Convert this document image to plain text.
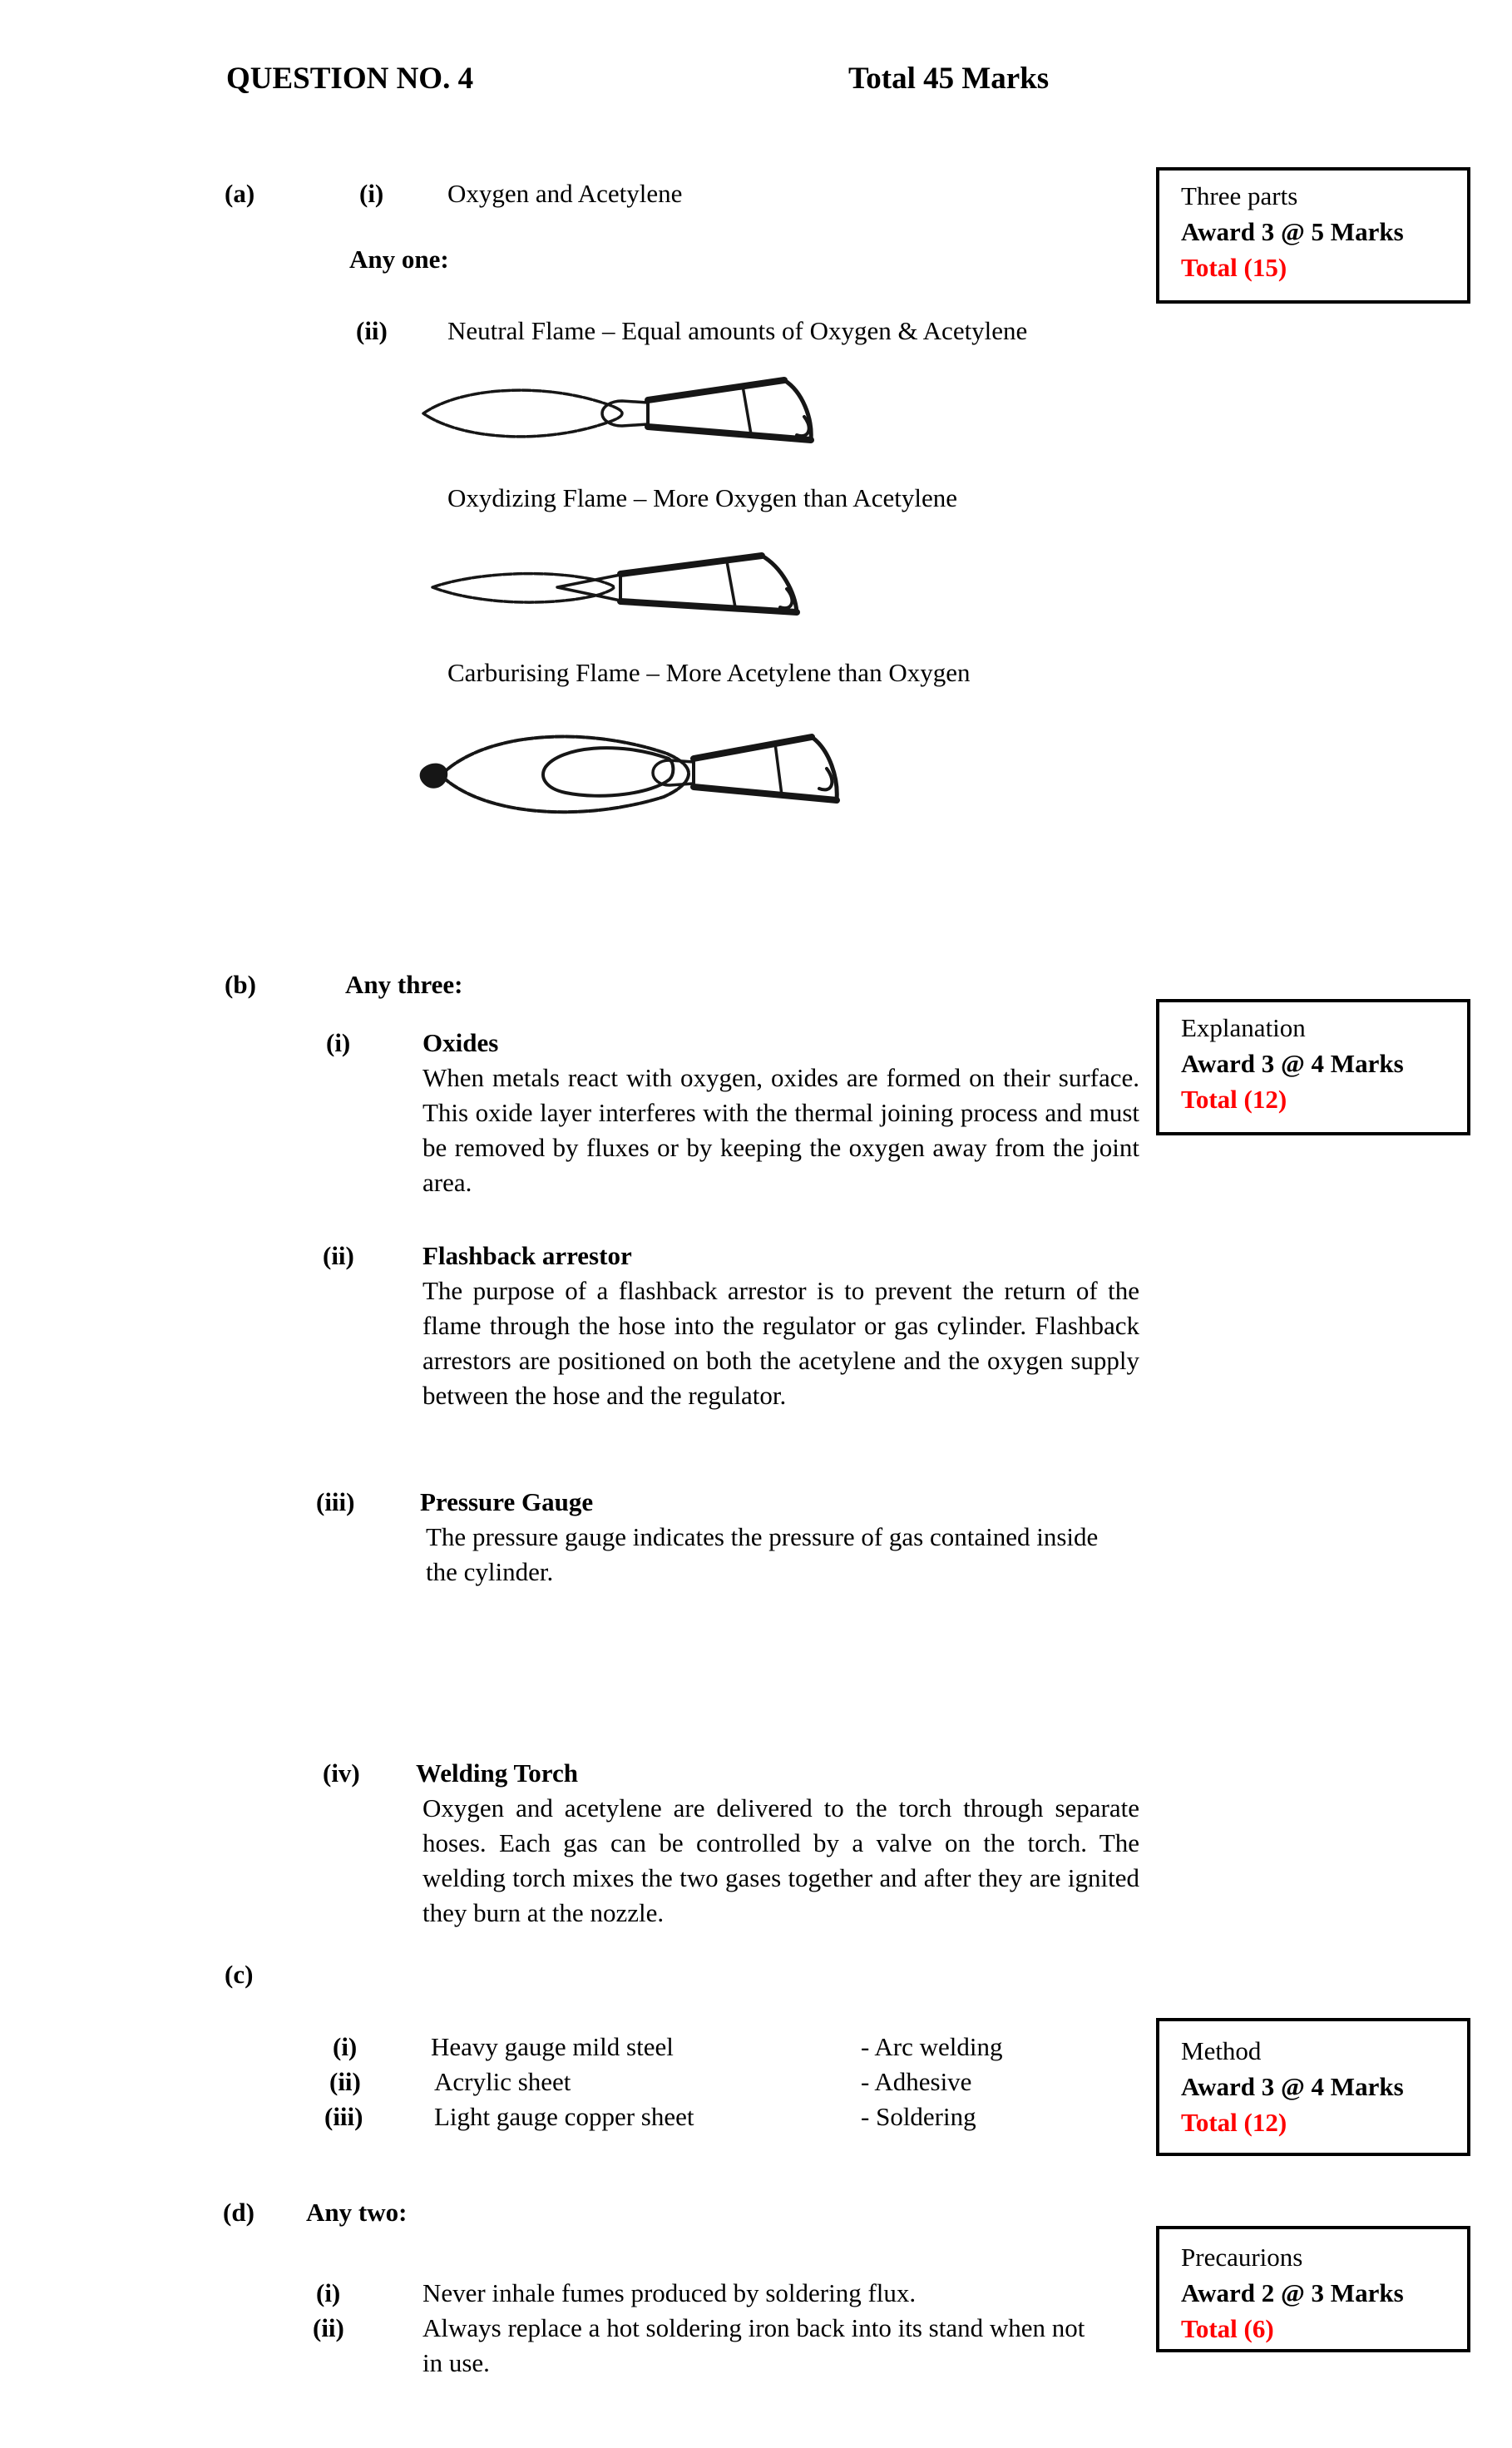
QUESTION NO. 4	Total 45 Marks
(a)	(i) Oxygen and Acetylene	Three parts
Award 3 @ 5 Marks
Total (15)
Any one:
(ii) Neutral Flame – Equal amounts of Oxygen & Acetylene
Oxydizing Flame – More Oxygen than Acetylene
Carburising Flame – More Acetylene than Oxygen
(b)	Any three:
Explanation
Award 3 @ 4 Marks
Total (12)
(i)	Oxides
When metals react with oxygen, oxides are formed on their surface. This oxide layer interferes with the thermal joining process and must be removed by fluxes or by keeping the oxygen away from the joint area.
(ii)	Flashback arrestor
The purpose of a flashback arrestor is to prevent the return of the flame through the hose into the regulator or gas cylinder. Flashback arrestors are positioned on both the acetylene and the oxygen supply between the hose and the regulator.
(iii)	Pressure Gauge
The pressure gauge indicates the pressure of gas contained inside the cylinder.
(iv) Welding Torch
Oxygen and acetylene are delivered to the torch through separate hoses. Each gas can be controlled by a valve on the torch. The welding torch mixes the two gases together and after they are ignited they burn at the nozzle.
(c)
Method
Award 3 @ 4 Marks
Total (12)
(i)	Heavy gauge mild steel	- Arc welding
(ii)	Acrylic sheet	- Adhesive
(iii)	Light gauge copper sheet	- Soldering
(d) Any two:
Precaurions
Award 2 @ 3 Marks
Total (6)
(i)	Never inhale fumes produced by soldering flux.
(ii)	Always replace a hot soldering iron back into its stand when not in use.
